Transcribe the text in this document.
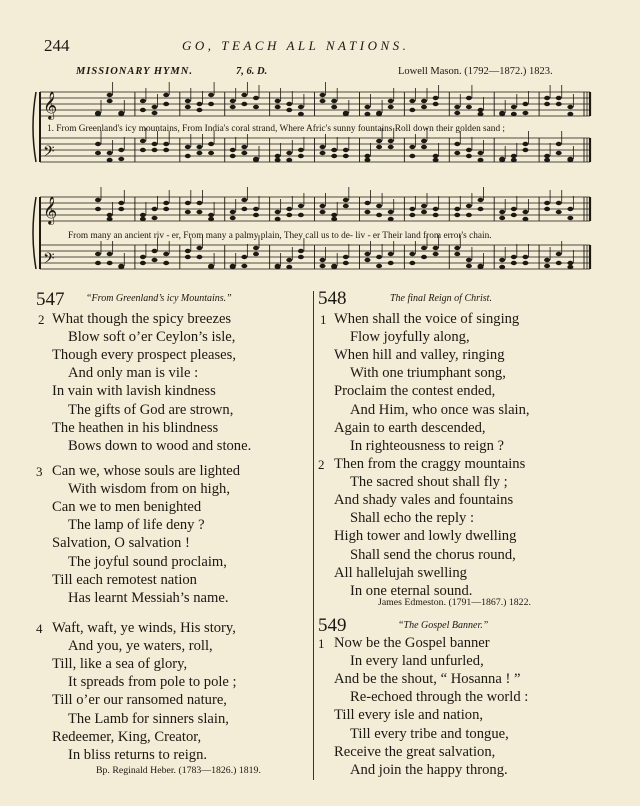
244	GO, TEACH ALL NATIONS.
MISSIONARY HYMN.	7, 6. D.	Lowell Mason. (1792—1872.) 1823.
𝄞
𝄢
𝄞
𝄢
1. From Greenland's icy mountains, From India's coral strand, Where Afric's sunny fountains Roll down their golden sand ;
From many an ancient riv - er, From many a palmy plain, They call us to de- liv - er Their land from error's chain.
547 “From Greenland’s icy Mountains.”
2 What though the spicy breezes
Blow soft o’er Ceylon’s isle,
Though every prospect pleases,
And only man is vile :
In vain with lavish kindness
The gifts of God are strown,
The heathen in his blindness
Bows down to wood and stone.
3 Can we, whose souls are lighted
With wisdom from on high,
Can we to men benighted
The lamp of life deny ?
Salvation, O salvation !
The joyful sound proclaim,
Till each remotest nation
Has learnt Messiah’s name.
4 Waft, waft, ye winds, His story,
And you, ye waters, roll,
Till, like a sea of glory,
It spreads from pole to pole ;
Till o’er our ransomed nature,
The Lamb for sinners slain,
Redeemer, King, Creator,
In bliss returns to reign.
Bp. Reginald Heber. (1783—1826.) 1819.
548	The final Reign of Christ.
1 When shall the voice of singing
Flow joyfully along,
When hill and valley, ringing
With one triumphant song,
Proclaim the contest ended,
And Him, who once was slain,
Again to earth descended,
In righteousness to reign ?
2 Then from the craggy mountains
The sacred shout shall fly ;
And shady vales and fountains
Shall echo the reply :
High tower and lowly dwelling
Shall send the chorus round,
All hallelujah swelling
In one eternal sound.
James Edmeston. (1791—1867.) 1822.
549	“The Gospel Banner.”
1 Now be the Gospel banner
In every land unfurled,
And be the shout, “ Hosanna ! ”
Re-echoed through the world :
Till every isle and nation,
Till every tribe and tongue,
Receive the great salvation,
And join the happy throng.
